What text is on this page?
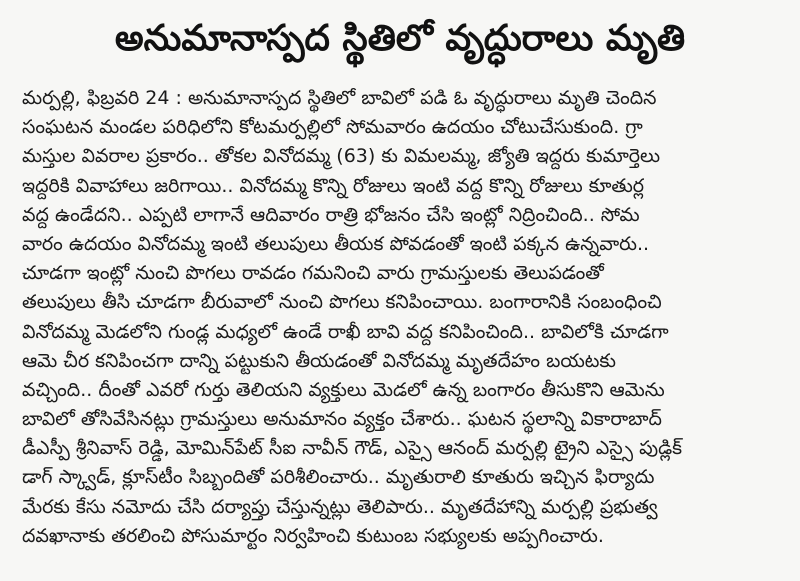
అనుమానాస్పద స్థితిలో వృద్ధురాలు మృతి
మర్పల్లి, ఫిబ్రవరి 24 : అనుమానాస్పద స్థితిలో బావిలో పడి ఓ వృద్ధురాలు మృతి చెందిన
సంఘటన మండల పరిధిలోని కోటమర్పల్లిలో సోమవారం ఉదయం చోటుచేసుకుంది. గ్రా
మస్తుల వివరాల ప్రకారం.. తోకల వినోదమ్మ (63) కు విమలమ్మ, జ్యోతి ఇద్దరు కుమార్తెలు
ఇద్దరికి వివాహాలు జరిగాయి.. వినోదమ్మ కొన్ని రోజులు ఇంటి వద్ద కొన్ని రోజులు కూతుర్ల
వద్ద ఉండేదని.. ఎప్పటి లాగానే ఆదివారం రాత్రి భోజనం చేసి ఇంట్లో నిద్రించింది.. సోమ
వారం ఉదయం వినోదమ్మ ఇంటి తలుపులు తీయక పోవడంతో ఇంటి పక్కన ఉన్నవారు..
చూడగా ఇంట్లో నుంచి పొగలు రావడం గమనించి వారు గ్రామస్తులకు తెలుపడంతో
తలుపులు తీసి చూడగా బీరువాలో నుంచి పొగలు కనిపించాయి. బంగారానికి సంబంధించి
వినోదమ్మ మెడలోని గుండ్ల మధ్యలో ఉండే రాఖీ బావి వద్ద కనిపించింది.. బావిలోకి చూడగా
ఆమె చీర కనిపించగా దాన్ని పట్టుకుని తీయడంతో వినోదమ్మ మృతదేహం బయటకు
వచ్చింది.. దీంతో ఎవరో గుర్తు తెలియని వ్యక్తులు మెడలో ఉన్న బంగారం తీసుకొని ఆమెను
బావిలో తోసివేసినట్లు గ్రామస్తులు అనుమానం వ్యక్తం చేశారు.. ఘటన స్థలాన్ని వికారాబాద్
డీఎస్పీ శ్రీనివాస్ రెడ్డి, మోమిన్‌పేట్ సీఐ నావీన్ గౌడ్, ఎస్సై ఆనంద్ మర్పల్లి ట్రైని ఎస్సై పుడ్లిక్
డాగ్ స్క్వాడ్, క్లూస్‌టీం సిబ్బందితో పరిశీలించారు.. మృతురాలి కూతురు ఇచ్చిన ఫిర్యాదు
మేరకు కేసు నమోదు చేసి దర్యాప్తు చేస్తున్నట్లు తెలిపారు.. మృతదేహాన్ని మర్పల్లి ప్రభుత్వ
దవఖానాకు తరలించి పోసుమార్టం నిర్వహించి కుటుంబ సభ్యులకు అప్పగించారు.
